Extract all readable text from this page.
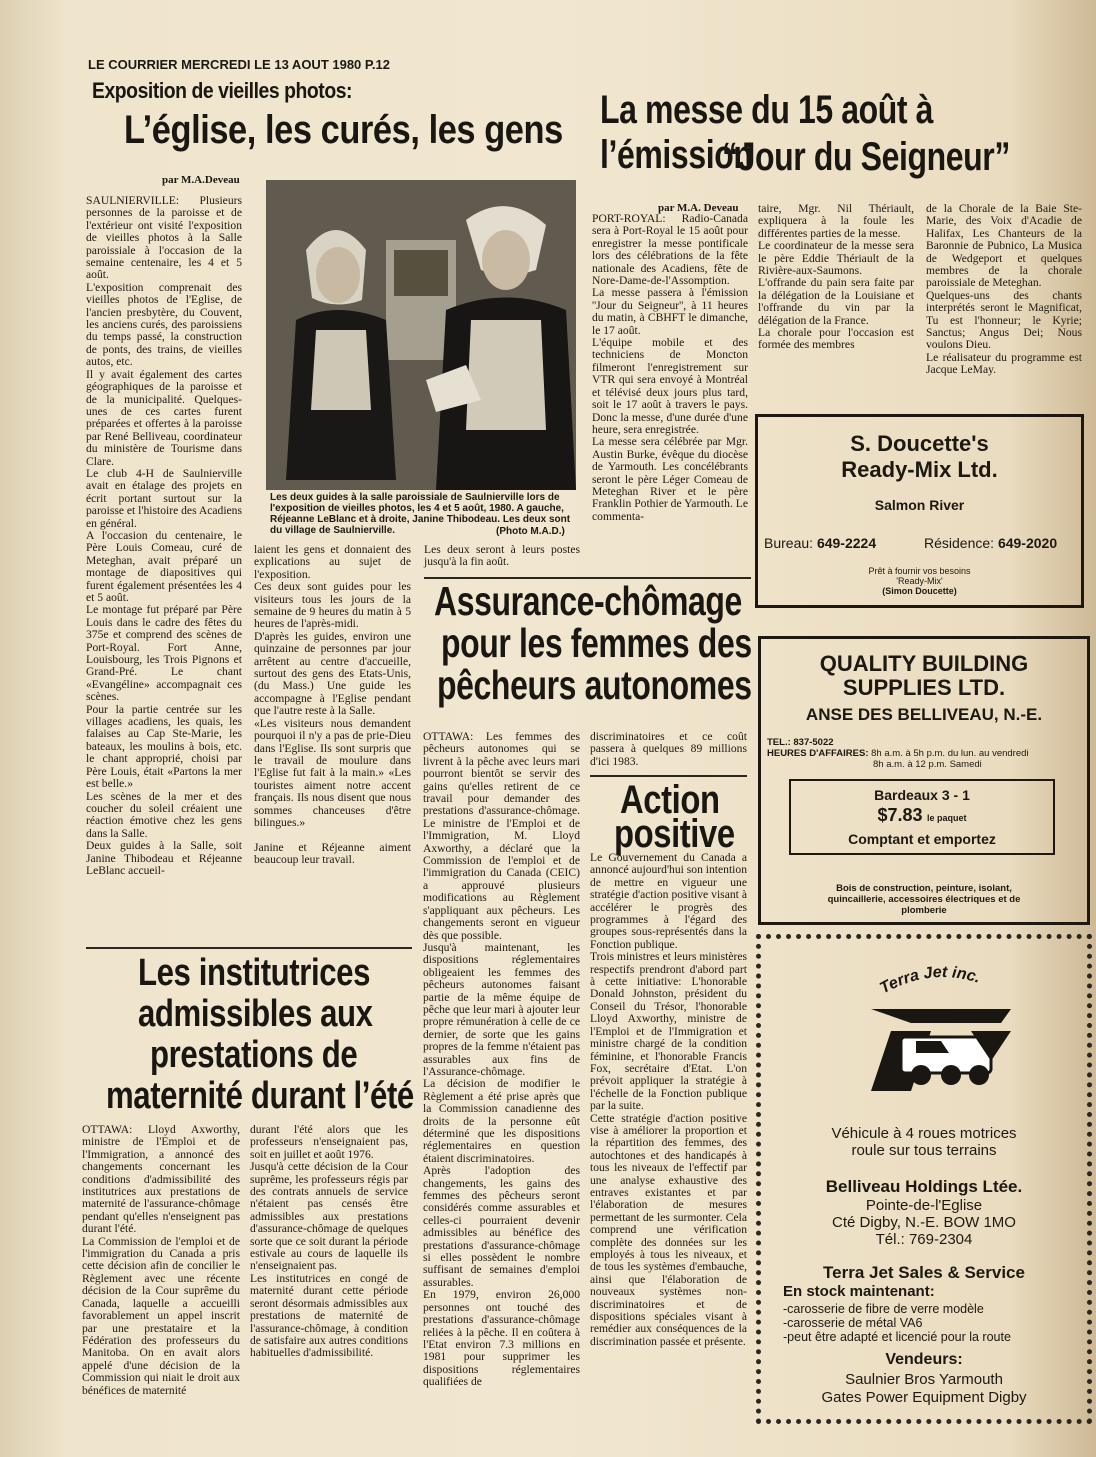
LE COURRIER MERCREDI LE 13 AOUT 1980 P.12
Exposition de vieilles photos:
L’église, les curés, les gens
par M.A.Deveau
SAULNIERVILLE: Plusieurs personnes de la paroisse et de l'extérieur ont visité l'exposition de vieilles photos à la Salle paroissiale à l'occasion de la semaine centenaire, les 4 et 5 août.
L'exposition comprenait des vieilles photos de l'Eglise, de l'ancien presbytère, du Couvent, les anciens curés, des paroissiens du temps passé, la construction de ponts, des trains, de vieilles autos, etc.
Il y avait également des cartes géographiques de la paroisse et de la municipalité. Quelques-unes de ces cartes furent préparées et offertes à la paroisse par René Belliveau, coordinateur du ministère de Tourisme dans Clare.
Le club 4-H de Saulnierville avait en étalage des projets en écrit portant surtout sur la paroisse et l'histoire des Acadiens en général.
A l'occasion du centenaire, le Père Louis Comeau, curé de Meteghan, avait préparé un montage de diapositives qui furent également présentées les 4 et 5 août.
Le montage fut préparé par Père Louis dans le cadre des fêtes du 375e et comprend des scènes de Port-Royal. Fort Anne, Louisbourg, les Trois Pignons et Grand-Pré. Le chant «Evangéline» accompagnait ces scènes.
Pour la partie centrée sur les villages acadiens, les quais, les falaises au Cap Ste-Marie, les bateaux, les moulins à bois, etc. le chant approprié, choisi par Père Louis, était «Partons la mer est belle.»
Les scènes de la mer et des coucher du soleil créaient une réaction émotive chez les gens dans la Salle.
Deux guides à la Salle, soit Janine Thibodeau et Réjeanne LeBlanc accueil-
Les deux guides à la salle paroissiale de Saulnierville lors de l'exposition de vieilles photos, les 4 et 5 août, 1980. A gauche, Réjeanne LeBlanc et à droite, Janine Thibodeau. Les deux sont du village de Saulnierville.	(Photo M.A.D.)
laient les gens et donnaient des explications au sujet de l'exposition.
Ces deux sont guides pour les visiteurs tous les jours de la semaine de 9 heures du matin à 5 heures de l'après-midi.
D'après les guides, environ une quinzaine de personnes par jour arrêtent au centre d'accueille, surtout des gens des Etats-Unis, (du Mass.) Une guide les accompagne à l'Eglise pendant que l'autre reste à la Salle.
«Les visiteurs nous demandent pourquoi il n'y a pas de prie-Dieu dans l'Eglise. Ils sont surpris que le travail de moulure dans l'Eglise fut fait à la main.» «Les touristes aiment notre accent français. Ils nous disent que nous sommes chanceuses d'être bilingues.»

Janine et Réjeanne aiment beaucoup leur travail.
Les deux seront à leurs postes jusqu'à la fin août.
La messe du 15 août à l’émission
“Jour du Seigneur”
par M.A. Deveau
PORT-ROYAL: Radio-Canada sera à Port-Royal le 15 août pour enregistrer la messe pontificale lors des célébrations de la fête nationale des Acadiens, fête de Nore-Dame-de-l'Assomption.
La messe passera à l'émission ''Jour du Seigneur'', à 11 heures du matin, à CBHFT le dimanche, le 17 août.
L'équipe mobile et des techniciens de Moncton filmeront l'enregistrement sur VTR qui sera envoyé à Montréal et télévisé deux jours plus tard, soit le 17 août à travers le pays. Donc la messe, d'une durée d'une heure, sera enregistrée.
La messe sera célébrée par Mgr. Austin Burke, évêque du diocèse de Yarmouth. Les concélébrants seront le père Léger Comeau de Meteghan River et le père Franklin Pothier de Yarmouth. Le commenta-
taire, Mgr. Nil Thériault, expliquera à la foule les différentes parties de la messe.
Le coordinateur de la messe sera le père Eddie Thériault de la Rivière-aux-Saumons.
L'offrande du pain sera faite par la délégation de la Louisiane et l'offrande du vin par la délégation de la France.
La chorale pour l'occasion est formée des membres
de la Chorale de la Baie Ste-Marie, des Voix d'Acadie de Halifax, Les Chanteurs de la Baronnie de Pubnico, La Musica de Wedgeport et quelques membres de la chorale paroissiale de Meteghan.
Quelques-uns des chants interprétés seront le Magnificat, Tu est l'honneur; le Kyrie; Sanctus; Angus Dei; Nous voulons Dieu.
Le réalisateur du programme est Jacque LeMay.
Assurance-chômage
pour les femmes des
pêcheurs autonomes
OTTAWA: Les femmes des pêcheurs autonomes qui se livrent à la pêche avec leurs mari pourront bientôt se servir des gains qu'elles retirent de ce travail pour demander des prestations d'assurance-chômage. Le ministre de l'Emploi et de l'Immigration, M. Lloyd Axworthy, a déclaré que la Commission de l'emploi et de l'immigration du Canada (CEIC) a approuvé plusieurs modifications au Règlement s'appliquant aux pêcheurs. Les changements seront en vigueur dès que possible.
Jusqu'à maintenant, les dispositions réglementaires obligeaient les femmes des pêcheurs autonomes faisant partie de la même équipe de pêche que leur mari à ajouter leur propre rémunération à celle de ce dernier, de sorte que les gains propres de la femme n'étaient pas assurables aux fins de l'Assurance-chômage.
La décision de modifier le Règlement a été prise après que la Commission canadienne des droits de la personne eût déterminé que les dispositions réglementaires en question étaient discriminatoires.
Après l'adoption des changements, les gains des femmes des pêcheurs seront considérés comme assurables et celles-ci pourraient devenir admissibles au bénéfice des prestations d'assurance-chômage si elles possèdent le nombre suffisant de semaines d'emploi assurables.
En 1979, environ 26,000 personnes ont touché des prestations d'assurance-chômage reliées à la pêche. Il en coûtera à l'Etat environ 7.3 millions en 1981 pour supprimer les dispositions réglementaires qualifiées de
discriminatoires et ce coût passera à quelques 89 millions d'ici 1983.
Action
positive
Le Gouvernement du Canada a annoncé aujourd'hui son intention de mettre en vigueur une stratégie d'action positive visant à accélérer le progrès des programmes à l'égard des groupes sous-représentés dans la Fonction publique.
Trois ministres et leurs ministères respectifs prendront d'abord part à cette initiative: L'honorable Donald Johnston, président du Conseil du Trésor, l'honorable Lloyd Axworthy, ministre de l'Emploi et de l'Immigration et ministre chargé de la condition féminine, et l'honorable Francis Fox, secrétaire d'Etat. L'on prévoit appliquer la stratégie à l'échelle de la Fonction publique par la suite.
Cette stratégie d'action positive vise à améliorer la proportion et la répartition des femmes, des autochtones et des handicapés à tous les niveaux de l'effectif par une analyse exhaustive des entraves existantes et par l'élaboration de mesures permettant de les surmonter. Cela comprend une vérification complète des données sur les employés à tous les niveaux, et de tous les systèmes d'embauche, ainsi que l'élaboration de nouveaux systèmes non-discriminatoires et de dispositions spéciales visant à remédier aux conséquences de la discrimination passée et présente.
Les institutrices
admissibles aux
prestations de
maternité durant l’été
OTTAWA: Lloyd Axworthy, ministre de l'Emploi et de l'Immigration, a annoncé des changements concernant les conditions d'admissibilité des institutrices aux prestations de maternité de l'assurance-chômage pendant qu'elles n'enseignent pas durant l'été.
La Commission de l'emploi et de l'immigration du Canada a pris cette décision afin de concilier le Règlement avec une récente décision de la Cour suprême du Canada, laquelle a accueilli favorablement un appel inscrit par une prestataire et la Fédération des professeurs du Manitoba. On en avait alors appelé d'une décision de la Commission qui niait le droit aux bénéfices de maternité
durant l'été alors que les professeurs n'enseignaient pas, soit en juillet et août 1976.
Jusqu'à cette décision de la Cour suprême, les professeurs régis par des contrats annuels de service n'étaient pas censés être admissibles aux prestations d'assurance-chômage de quelques sorte que ce soit durant la période estivale au cours de laquelle ils n'enseignaient pas.
Les institutrices en congé de maternité durant cette période seront désormais admissibles aux prestations de maternité de l'assurance-chômage, à condition de satisfaire aux autres conditions habituelles d'admissibilité.
S. Doucette's
Ready-Mix Ltd.
Salmon River
Bureau: 649-2224	Résidence: 649-2020
Prêt à fournir vos besoins
'Ready-Mix'
(Simon Doucette)
QUALITY BUILDING
SUPPLIES LTD.
ANSE DES BELLIVEAU, N.-E.
TEL.: 837-5022
HEURES D'AFFAIRES: 8h a.m. à 5h p.m. du lun. au vendredi
8h a.m. à 12 p.m. Samedi
Bardeaux 3 - 1
$7.83 le paquet
Comptant et emportez
Bois de construction, peinture, isolant,
quincaillerie, accessoires électriques et de
plomberie
Terra Jet inc.
Véhicule à 4 roues motrices
roule sur tous terrains
Belliveau Holdings Ltée.
Pointe-de-l'Eglise
Cté Digby, N.-E. BOW 1MO
Tél.: 769-2304
Terra Jet Sales & Service
En stock maintenant:
-carosserie de fibre de verre modèle
-carosserie de métal VA6
-peut être adapté et licencié pour la route
Vendeurs:
Saulnier Bros Yarmouth
Gates Power Equipment Digby
